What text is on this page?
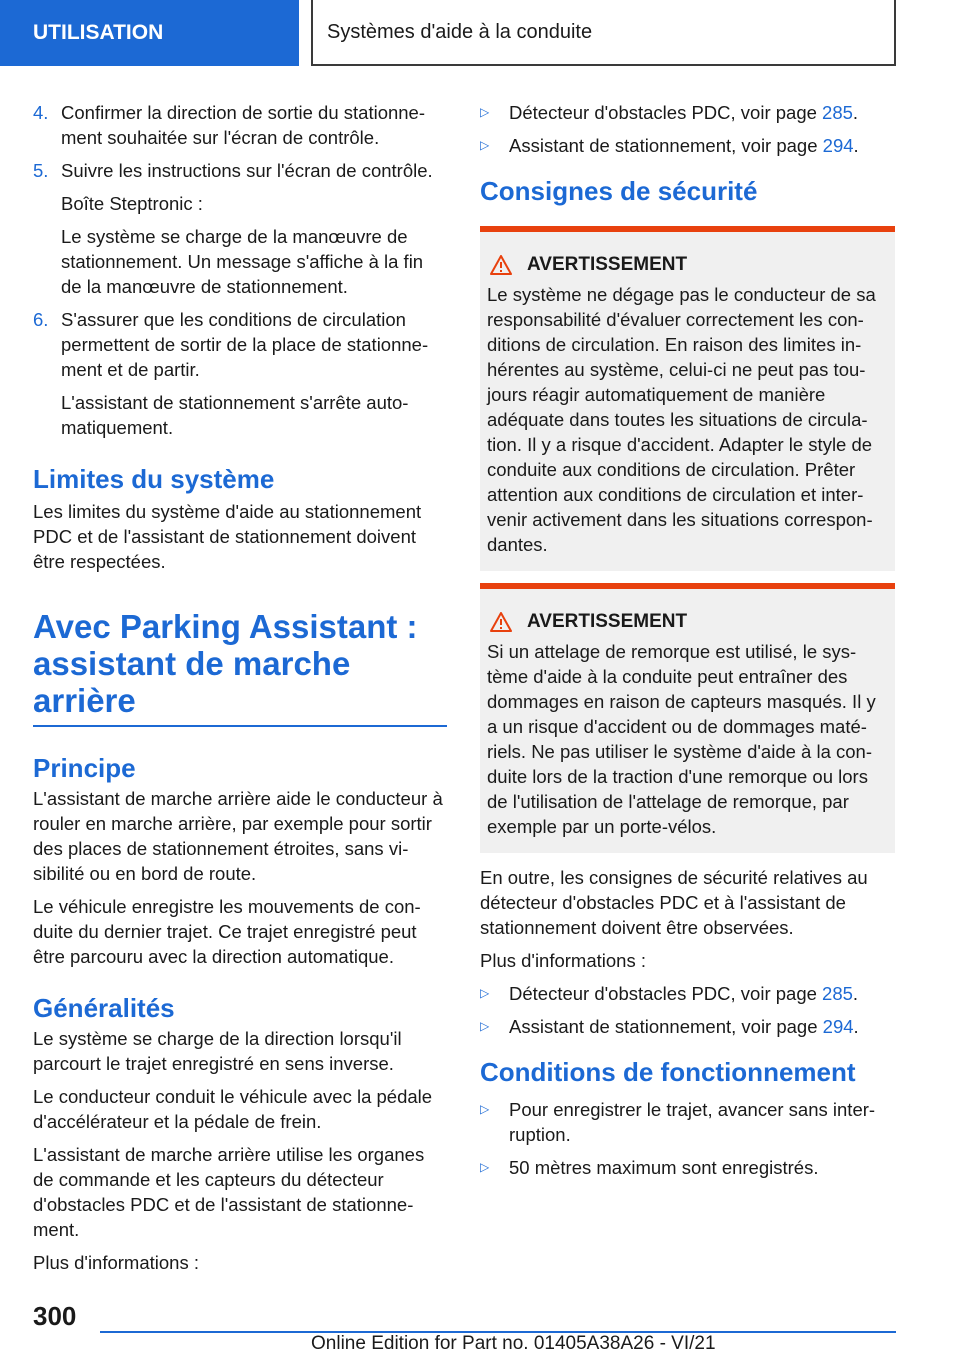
UTILISATION	Systèmes d'aide à la conduite
4. Confirmer la direction de sortie du stationnement souhaitée sur l'écran de contrôle.
5. Suivre les instructions sur l'écran de contrôle.

Boîte Steptronic :

Le système se charge de la manœuvre de stationnement. Un message s'affiche à la fin de la manœuvre de stationnement.

6. S'assurer que les conditions de circulation permettent de sortir de la place de stationnement et de partir.

L'assistant de stationnement s'arrête automatiquement.

Limites du système

Les limites du système d'aide au stationnement PDC et de l'assistant de stationnement doivent être respectées.

Avec Parking Assistant : assistant de marche arrière
Principe

L'assistant de marche arrière aide le conducteur à rouler en marche arrière, par exemple pour sortir des places de stationnement étroites, sans visibilité ou en bord de route.

Le véhicule enregistre les mouvements de conduite du dernier trajet. Ce trajet enregistré peut être parcouru avec la direction automatique.

Généralités

Le système se charge de la direction lorsqu'il parcourt le trajet enregistré en sens inverse.

Le conducteur conduit le véhicule avec la pédale d'accélérateur et la pédale de frein.

L'assistant de marche arrière utilise les organes de commande et les capteurs du détecteur d'obstacles PDC et de l'assistant de stationnement.

Plus d'informations :

▷	Détecteur d'obstacles PDC, voir page 285.
▷	Assistant de stationnement, voir page 294.
Consignes de sécurité
AVERTISSEMENT

Le système ne dégage pas le conducteur de sa responsabilité d'évaluer correctement les conditions de circulation. En raison des limites inhérentes au système, celui-ci ne peut pas toujours réagir automatiquement de manière adéquate dans toutes les situations de circulation. Il y a risque d'accident. Adapter le style de conduite aux conditions de circulation. Prêter attention aux conditions de circulation et intervenir activement dans les situations correspondantes.

AVERTISSEMENT

Si un attelage de remorque est utilisé, le système d'aide à la conduite peut entraîner des dommages en raison de capteurs masqués. Il y a un risque d'accident ou de dommages matériels. Ne pas utiliser le système d'aide à la conduite lors de la traction d'une remorque ou lors de l'utilisation de l'attelage de remorque, par exemple par un porte-vélos.

En outre, les consignes de sécurité relatives au détecteur d'obstacles PDC et à l'assistant de stationnement doivent être observées.

Plus d'informations :

▷	Détecteur d'obstacles PDC, voir page 285.
▷	Assistant de stationnement, voir page 294.
Conditions de fonctionnement
▷	Pour enregistrer le trajet, avancer sans interruption.
▷	50 mètres maximum sont enregistrés.
300
Online Edition for Part no. 01405A38A26 - VI/21
